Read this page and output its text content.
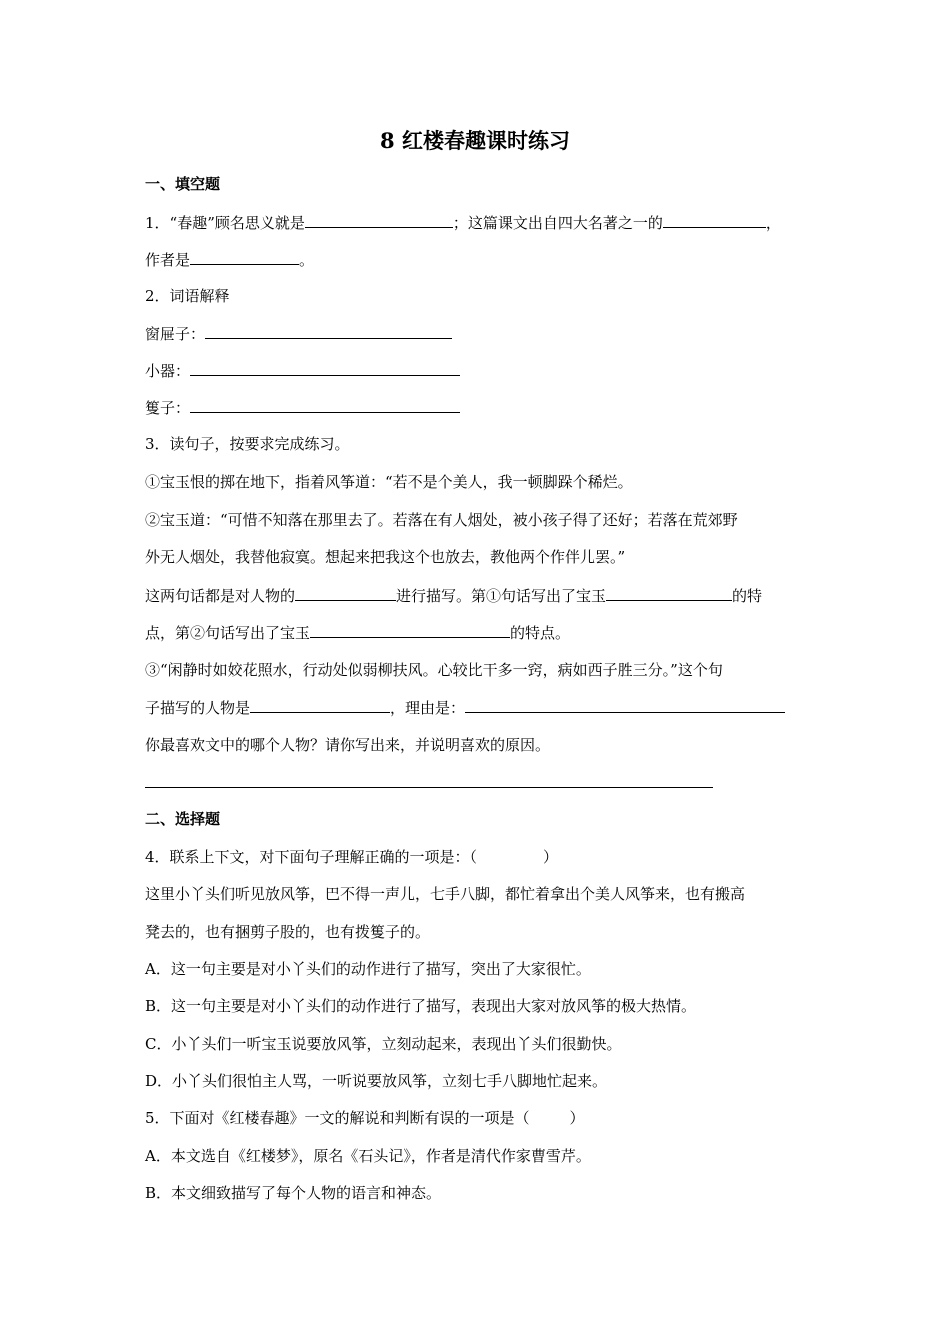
8 红楼春趣课时练习
一、填空题
1．“春趣”顾名思义就是	；这篇课文出自四大名著之一的	，
作者是	。
2．词语解释
窗屉子：
小器：
篗子：
3．读句子，按要求完成练习。
①宝玉恨的掷在地下，指着风筝道：“若不是个美人，我一顿脚跺个稀烂。
②宝玉道：“可惜不知落在那里去了。若落在有人烟处，被小孩子得了还好；若落在荒郊野
外无人烟处，我替他寂寞。想起来把我这个也放去，教他两个作伴儿罢。”
这两句话都是对人物的	进行描写。第①句话写出了宝玉	的特
点，第②句话写出了宝玉	的特点。
③“闲静时如姣花照水，行动处似弱柳扶风。心较比干多一窍，病如西子胜三分。”这个句
子描写的人物是	，理由是：
你最喜欢文中的哪个人物？请你写出来，并说明喜欢的原因。
二、选择题
4．联系上下文，对下面句子理解正确的一项是：（	）
这里小丫头们听见放风筝，巴不得一声儿，七手八脚，都忙着拿出个美人风筝来，也有搬高
凳去的，也有捆剪子股的，也有拨篗子的。
A．这一句主要是对小丫头们的动作进行了描写，突出了大家很忙。
B．这一句主要是对小丫头们的动作进行了描写，表现出大家对放风筝的极大热情。
C．小丫头们一听宝玉说要放风筝，立刻动起来，表现出丫头们很勤快。
D．小丫头们很怕主人骂，一听说要放风筝，立刻七手八脚地忙起来。
5．下面对《红楼春趣》一文的解说和判断有误的一项是（	）
A．本文选自《红楼梦》，原名《石头记》，作者是清代作家曹雪芹。
B．本文细致描写了每个人物的语言和神态。
